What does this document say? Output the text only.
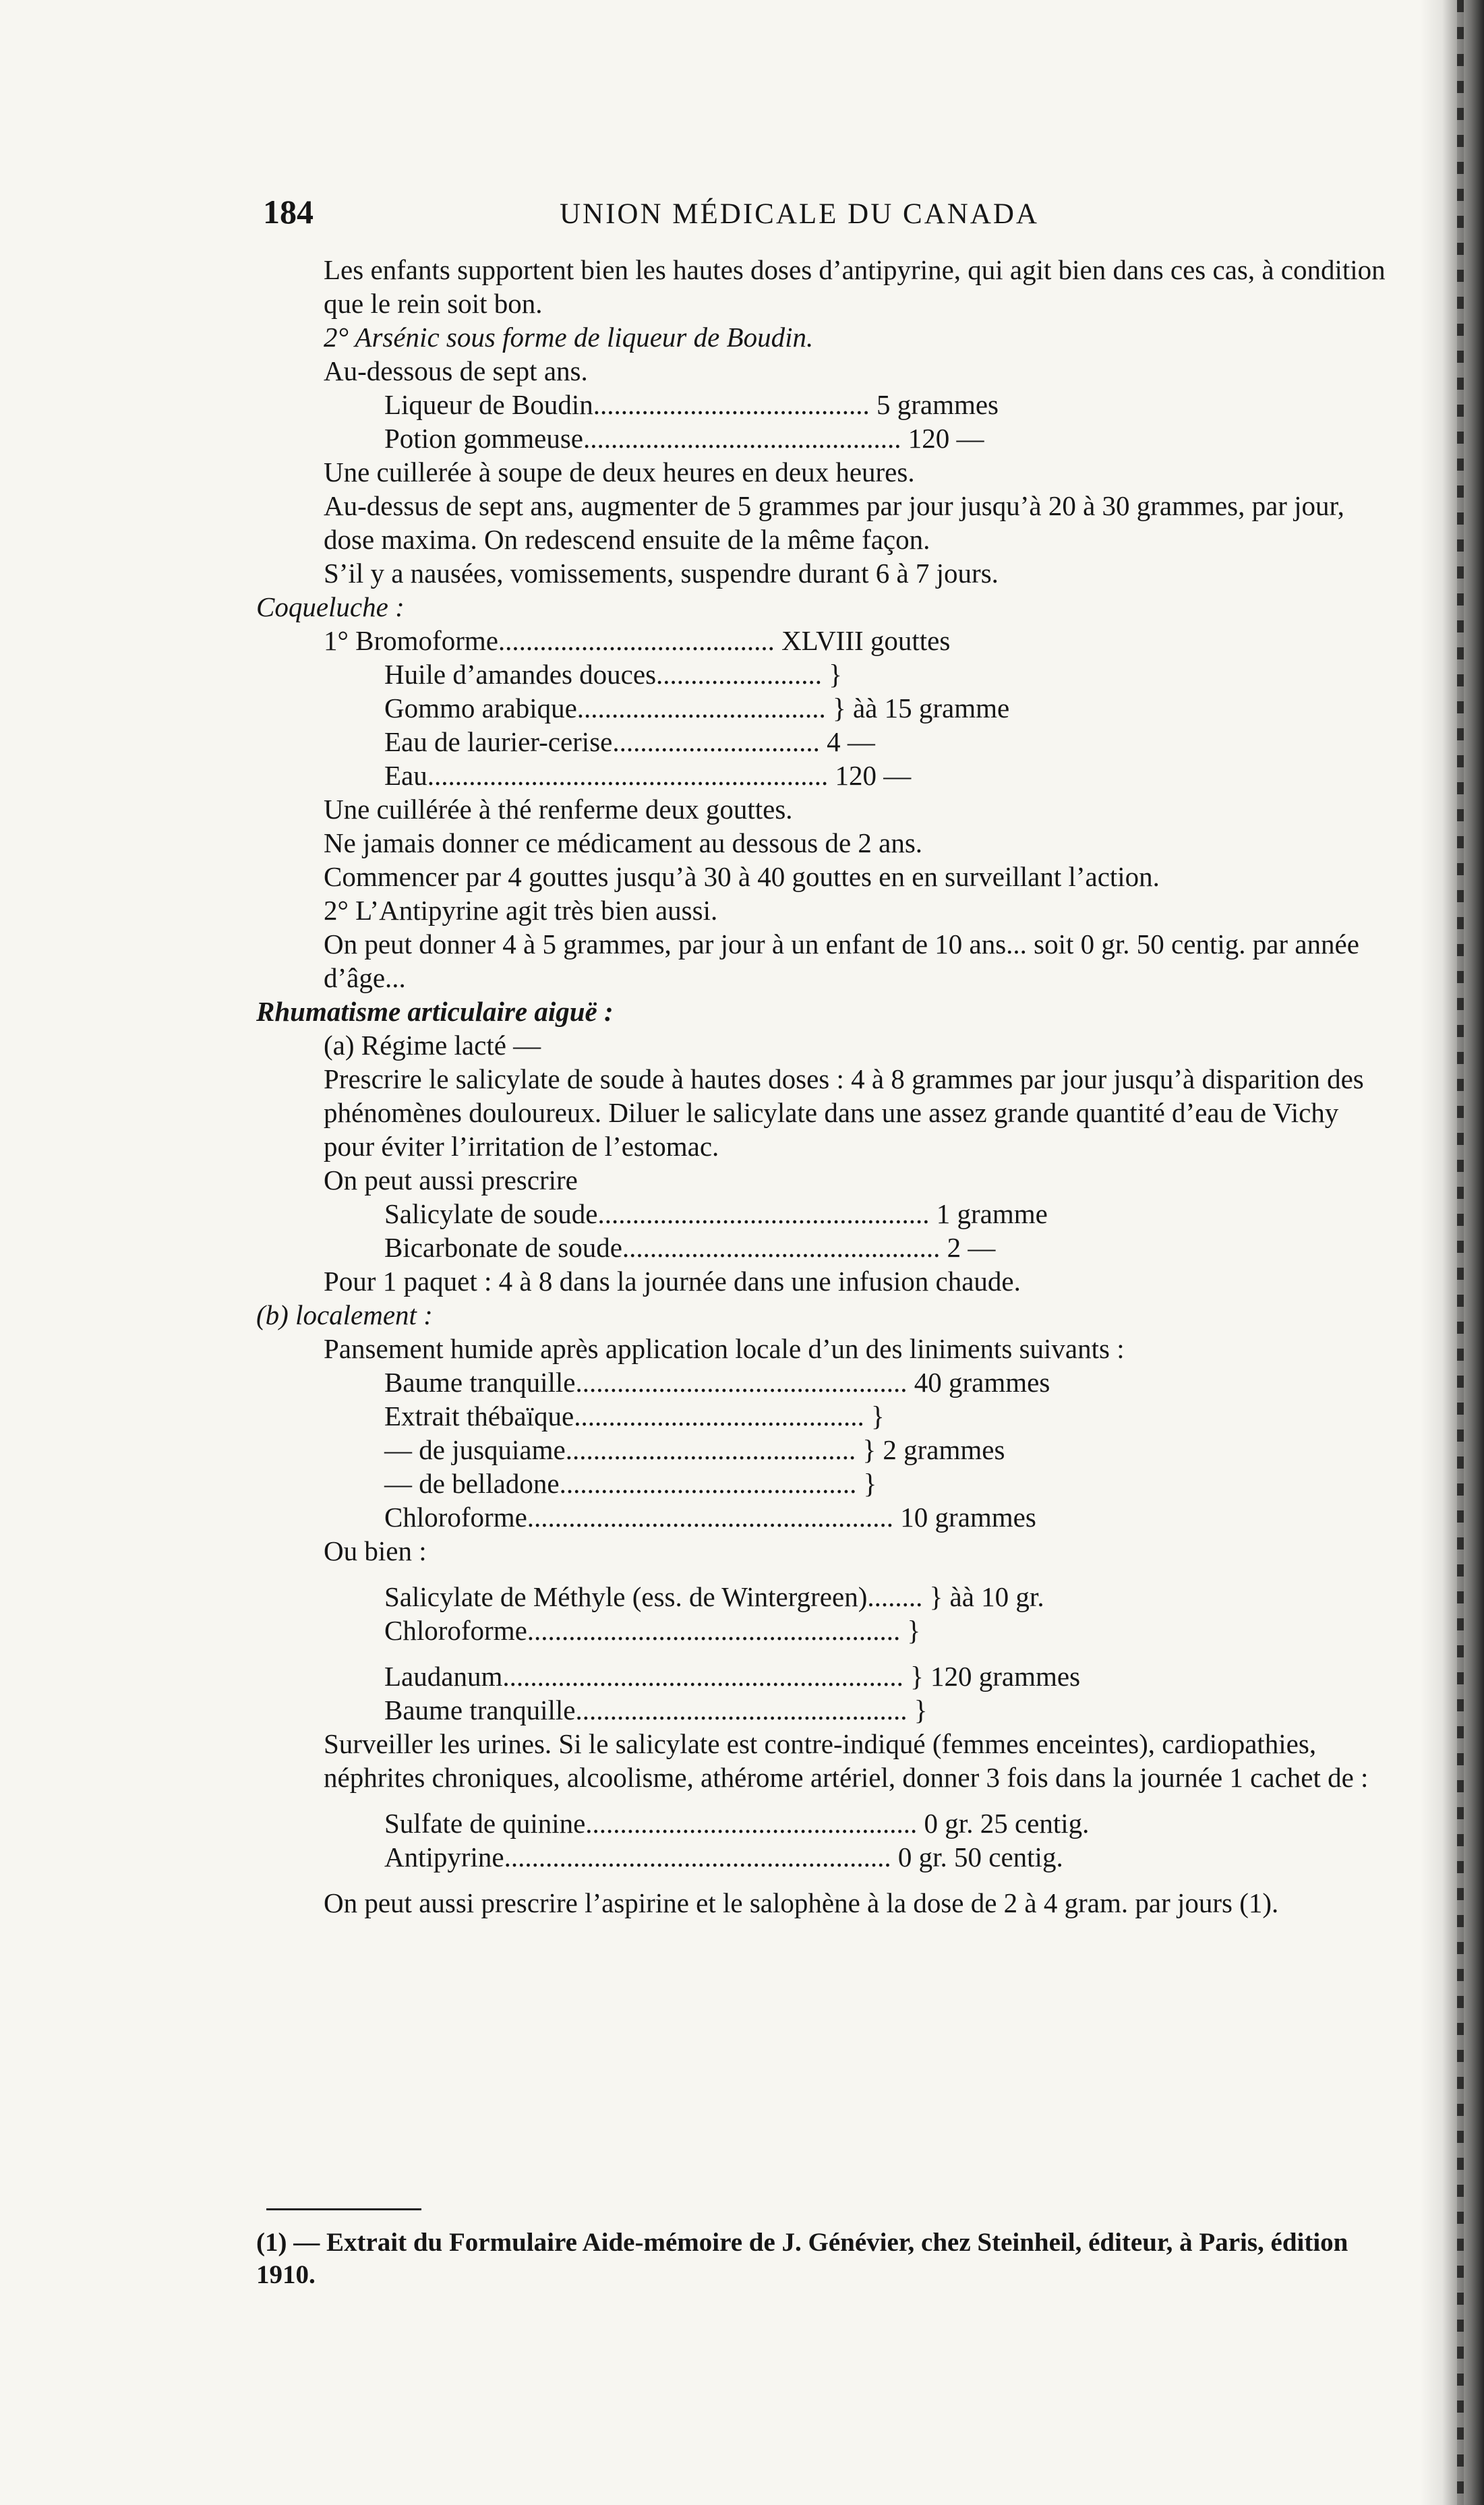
184	UNION MÉDICALE DU CANADA

Les enfants supportent bien les hautes doses d’antipyrine, qui agit bien dans ces cas, à condition que le rein soit bon.

2° Arsénic sous forme de liqueur de Boudin.

Au-dessous de sept ans.

Liqueur de Boudin........................................ 5 grammes

Potion gommeuse.............................................. 120 —

Une cuillerée à soupe de deux heures en deux heures.

Au-dessus de sept ans, augmenter de 5 grammes par jour jusqu’à 20 à 30 grammes, par jour, dose maxima. On redescend ensuite de la même façon.

S’il y a nausées, vomissements, suspendre durant 6 à 7 jours.

Coqueluche :

1° Bromoforme........................................ XLVIII gouttes

Huile d’amandes douces........................ }

Gommo arabique.................................... } àà 15 gramme

Eau de laurier-cerise.............................. 4 —

Eau.......................................................... 120 —

Une cuillérée à thé renferme deux gouttes.

Ne jamais donner ce médicament au dessous de 2 ans.

Commencer par 4 gouttes jusqu’à 30 à 40 gouttes en en surveillant l’action.

2° L’Antipyrine agit très bien aussi.

On peut donner 4 à 5 grammes, par jour à un enfant de 10 ans... soit 0 gr. 50 centig. par année d’âge...

Rhumatisme articulaire aiguë :

(a) Régime lacté —

Prescrire le salicylate de soude à hautes doses : 4 à 8 grammes par jour jusqu’à disparition des phénomènes douloureux. Diluer le salicylate dans une assez grande quantité d’eau de Vichy pour éviter l’irritation de l’estomac.

On peut aussi prescrire

Salicylate de soude................................................ 1 gramme

Bicarbonate de soude.............................................. 2 —

Pour 1 paquet : 4 à 8 dans la journée dans une infusion chaude.

(b) localement :

Pansement humide après application locale d’un des liniments suivants :

Baume tranquille................................................ 40 grammes

Extrait thébaïque.......................................... }

— de jusquiame.......................................... } 2 grammes

— de belladone........................................... }

Chloroforme..................................................... 10 grammes

Ou bien :

Salicylate de Méthyle (ess. de Wintergreen)........ } àà 10 gr.

Chloroforme...................................................... }

Laudanum.......................................................... } 120 grammes

Baume tranquille................................................ }

Surveiller les urines. Si le salicylate est contre-indiqué (femmes enceintes), cardiopathies, néphrites chroniques, alcoolisme, athérome artériel, donner 3 fois dans la journée 1 cachet de :

Sulfate de quinine................................................ 0 gr. 25 centig.

Antipyrine........................................................ 0 gr. 50 centig.

On peut aussi prescrire l’aspirine et le salophène à la dose de 2 à 4 gram. par jours (1).

(1) — Extrait du Formulaire Aide-mémoire de J. Génévier, chez Steinheil, éditeur, à Paris, édition 1910.
